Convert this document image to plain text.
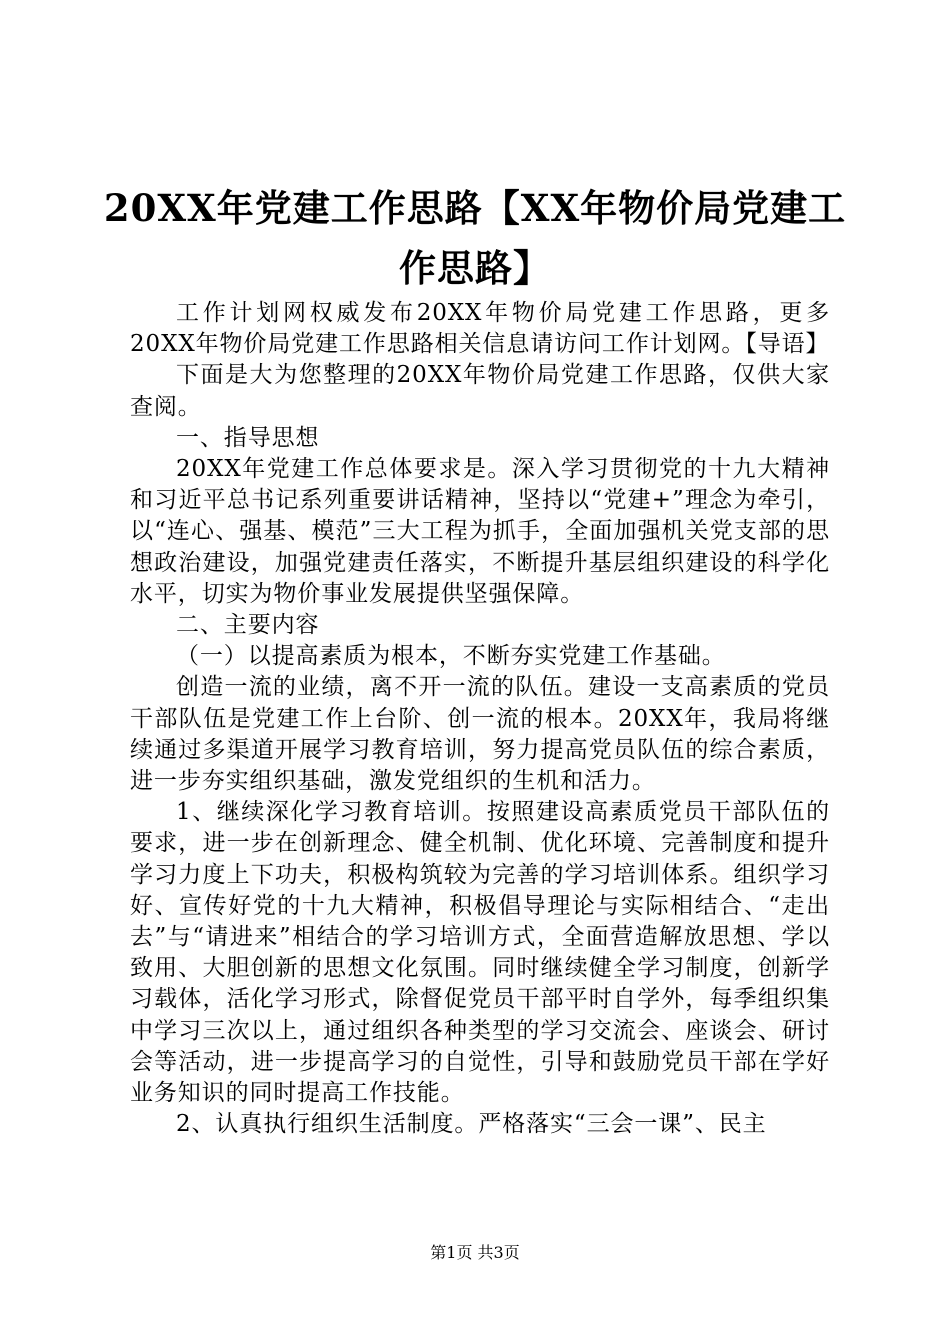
20XX年党建工作思路【XX年物价局党建工作思路】

工作计划网权威发布20XX年物价局党建工作思路，更多20XX年物价局党建工作思路相关信息请访问工作计划网。【导语】

下面是大为您整理的20XX年物价局党建工作思路，仅供大家查阅。

一、指导思想

20XX年党建工作总体要求是。深入学习贯彻党的十九大精神和习近平总书记系列重要讲话精神，坚持以“党建+”理念为牵引，以“连心、强基、模范”三大工程为抓手，全面加强机关党支部的思想政治建设，加强党建责任落实，不断提升基层组织建设的科学化水平，切实为物价事业发展提供坚强保障。

二、主要内容

（一）以提高素质为根本，不断夯实党建工作基础。

创造一流的业绩，离不开一流的队伍。建设一支高素质的党员干部队伍是党建工作上台阶、创一流的根本。20XX年，我局将继续通过多渠道开展学习教育培训，努力提高党员队伍的综合素质，进一步夯实组织基础，激发党组织的生机和活力。

1、继续深化学习教育培训。按照建设高素质党员干部队伍的要求，进一步在创新理念、健全机制、优化环境、完善制度和提升学习力度上下功夫，积极构筑较为完善的学习培训体系。组织学习好、宣传好党的十九大精神，积极倡导理论与实际相结合、“走出去”与“请进来”相结合的学习培训方式，全面营造解放思想、学以致用、大胆创新的思想文化氛围。同时继续健全学习制度，创新学习载体，活化学习形式，除督促党员干部平时自学外，每季组织集中学习三次以上，通过组织各种类型的学习交流会、座谈会、研讨会等活动，进一步提高学习的自觉性，引导和鼓励党员干部在学好业务知识的同时提高工作技能。

2、认真执行组织生活制度。严格落实“三会一课”、民主

第1页 共3页
